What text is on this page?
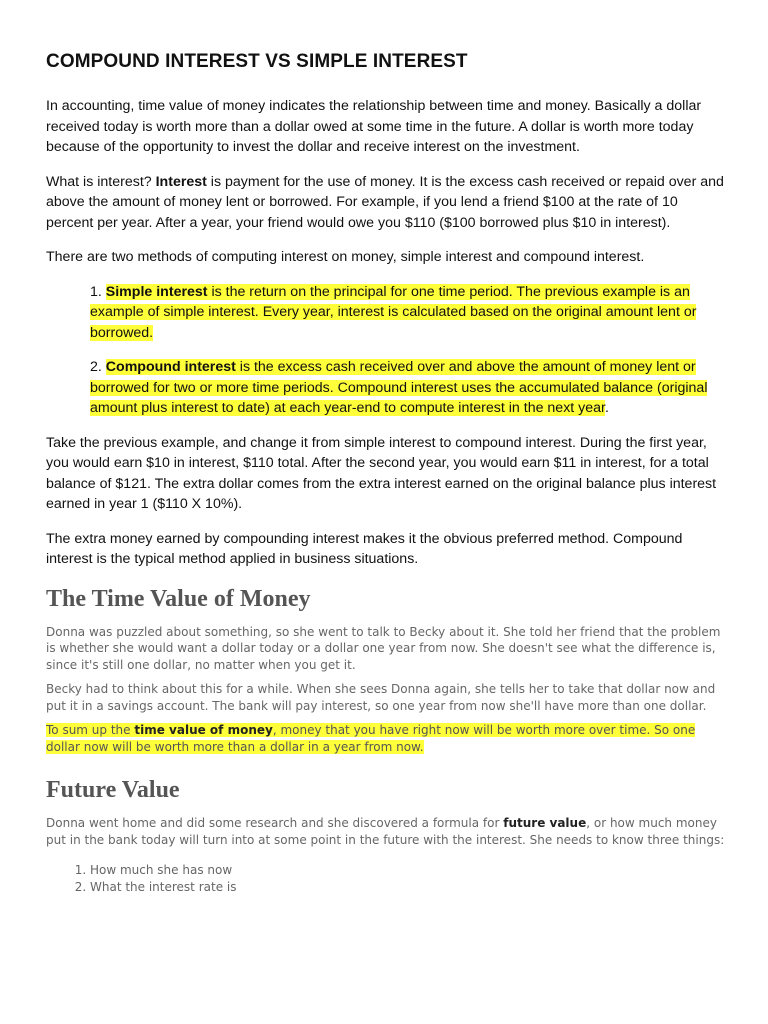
COMPOUND INTEREST VS SIMPLE INTEREST

In accounting, time value of money indicates the relationship between time and money. Basically a dollar received today is worth more than a dollar owed at some time in the future. A dollar is worth more today because of the opportunity to invest the dollar and receive interest on the investment.

What is interest? Interest is payment for the use of money. It is the excess cash received or repaid over and above the amount of money lent or borrowed. For example, if you lend a friend $100 at the rate of 10 percent per year. After a year, your friend would owe you $110 ($100 borrowed plus $10 in interest).

There are two methods of computing interest on money, simple interest and compound interest.

1. Simple interest is the return on the principal for one time period. The previous example is an example of simple interest. Every year, interest is calculated based on the original amount lent or borrowed.
2. Compound interest is the excess cash received over and above the amount of money lent or borrowed for two or more time periods. Compound interest uses the accumulated balance (original amount plus interest to date) at each year-end to compute interest in the next year.

Take the previous example, and change it from simple interest to compound interest. During the first year, you would earn $10 in interest, $110 total. After the second year, you would earn $11 in interest, for a total balance of $121. The extra dollar comes from the extra interest earned on the original balance plus interest earned in year 1 ($110 X 10%).

The extra money earned by compounding interest makes it the obvious preferred method. Compound interest is the typical method applied in business situations.

The Time Value of Money

Donna was puzzled about something, so she went to talk to Becky about it. She told her friend that the problem is whether she would want a dollar today or a dollar one year from now. She doesn't see what the difference is, since it's still one dollar, no matter when you get it.

Becky had to think about this for a while. When she sees Donna again, she tells her to take that dollar now and put it in a savings account. The bank will pay interest, so one year from now she'll have more than one dollar.

To sum up the time value of money, money that you have right now will be worth more over time. So one dollar now will be worth more than a dollar in a year from now.

Future Value

Donna went home and did some research and she discovered a formula for future value, or how much money put in the bank today will turn into at some point in the future with the interest. She needs to know three things:

1. How much she has now
2. What the interest rate is
